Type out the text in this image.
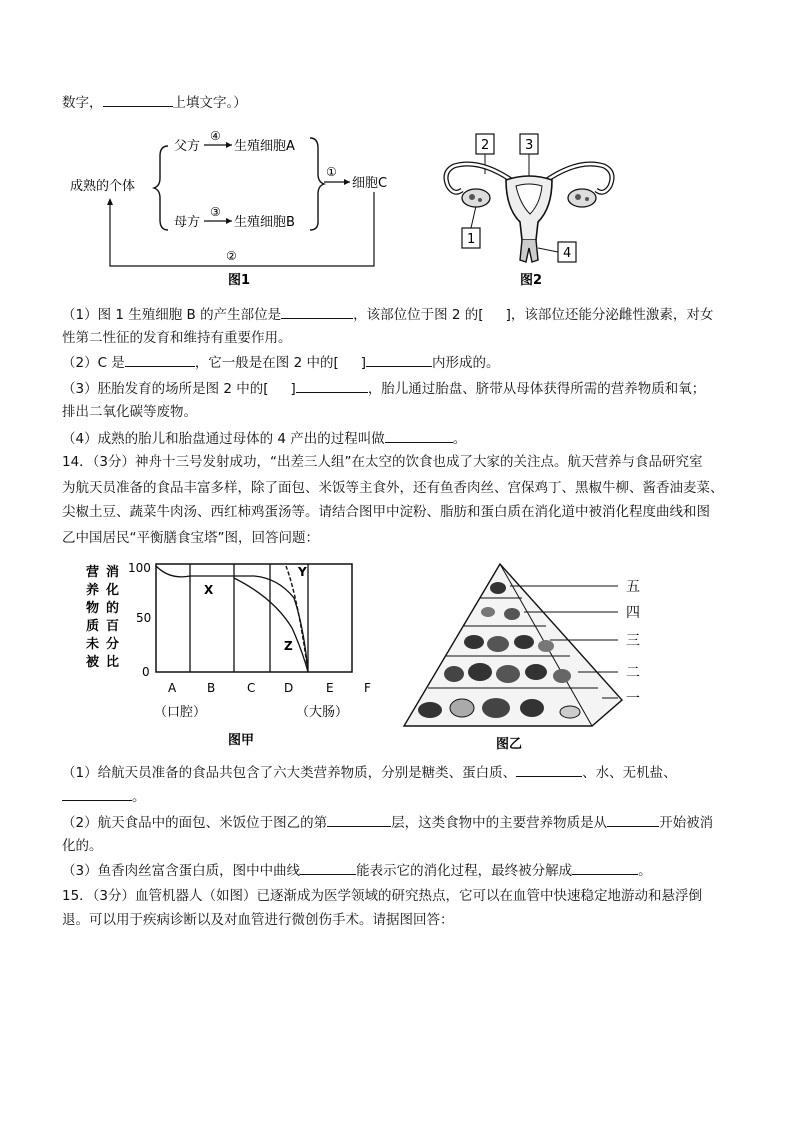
数字，	上填文字。）
成熟的个体
父方
母方
④
③
生殖细胞A
生殖细胞B
①
细胞C
②
图1
2	3
1
4
图2
（1）图 1 生殖细胞 B 的产生部位是	，该部位位于图 2 的[ ]，该部位还能分泌雌性激素，对女
性第二性征的发育和维持有重要作用。
（2）C 是	，它一般是在图 2 中的[ ]	内形成的。
（3）胚胎发育的场所是图 2 中的[ ]	，胎儿通过胎盘、脐带从母体获得所需的营养物质和氧；
排出二氧化碳等废物。
（4）成熟的胎儿和胎盘通过母体的 4 产出的过程叫做	。
14．（3分）神舟十三号发射成功，“出差三人组”在太空的饮食也成了大家的关注点。航天营养与食品研究室
为航天员准备的食品丰富多样，除了面包、米饭等主食外，还有鱼香肉丝、宫保鸡丁、黑椒牛柳、酱香油麦菜、
尖椒土豆、蔬菜牛肉汤、西红柿鸡蛋汤等。请结合图甲中淀粉、脂肪和蛋白质在消化道中被消化程度曲线和图
乙中国居民“平衡膳食宝塔”图，回答问题：
营
养
物
质
未
被
消
化
的
百
分
比
100
50
0
X
Y
Z
A	B	C D	E	F
（口腔）	（大肠）
图甲
五
四
三
二
一
图乙
（1）给航天员准备的食品共包含了六大类营养物质，分别是糖类、蛋白质、	、水、无机盐、
。
（2）航天食品中的面包、米饭位于图乙的第	层，这类食物中的主要营养物质是从	开始被消
化的。
（3）鱼香肉丝富含蛋白质，图中中曲线	能表示它的消化过程，最终被分解成	。
15．（3分）血管机器人（如图）已逐渐成为医学领域的研究热点，它可以在血管中快速稳定地游动和悬浮倒
退。可以用于疾病诊断以及对血管进行微创伤手术。请据图回答：
